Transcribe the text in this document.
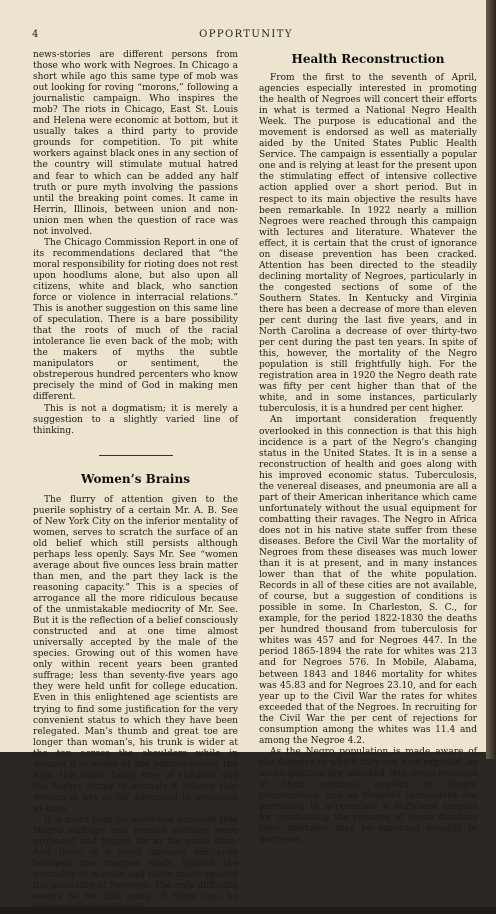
4	OPPORTUNITY

news-stories are different persons from those who work with Negroes. In Chicago a short while ago this same type of mob was out looking for roving “morons,” following a journalistic campaign. Who inspires the mob? The riots in Chicago, East St. Louis and Helena were economic at bottom, but it usually takes a third party to provide grounds for competition. To pit white workers against black ones in any section of the country will stimulate mutual hatred and fear to which can be added any half truth or pure myth involving the passions until the breaking point comes. It came in Herrin, Illinois, between union and non-union men when the question of race was not involved.

The Chicago Commission Report in one of its recommendations declared that “the moral responsibility for rioting does not rest upon hoodlums alone, but also upon all citizens, white and black, who sanction force or violence in interracial relations.” This is another suggestion on this same line of speculation. There is a bare possibility that the roots of much of the racial intolerance lie even back of the mob; with the makers of myths the subtle manipulators or sentiment, the obstreperous hundred percenters who know precisely the mind of God in making men different.

This is not a dogmatism; it is merely a suggestion to a slightly varied line of thinking.

Women’s Brains

The flurry of attention given to the puerile sophistry of a certain Mr. A. B. See of New York City on the inferior mentality of women, serves to scratch the surface of an old belief which still persists although perhaps less openly. Says Mr. See “women average about five ounces less brain matter than men, and the part they lack is the reasoning capacity.” This is a species of arrogance all the more ridiculous because of the unmistakable mediocrity of Mr. See. But it is the reflection of a belief consciously constructed and at one time almost universally accepted by the male of the species. Growing out of this women have only within recent years been granted suffrage; less than seventy-five years ago they were held unfit for college education. Even in this enlightened age scientists are trying to find some justification for the very convenient status to which they have been relegated. Man’s thumb and great toe are longer than woman’s, his trunk is wider at the top across the shoulders while in woman it is wider at the bottom across the hips: this latter being true of children and the higher forms of animals it follows that woman is not as far advanced in evolution as man.

It is more than an historical accident that Negro suffrage and woman suffrage were proposed and fought for at the same time. And there is a most uncanny similarity between the charges made against the mentality of women and those made against the mentality of Negroes. The only difficulty seems to be that none of them can be

Health Reconstruction

From the first to the seventh of April, agencies especially interested in promoting the health of Negroes will concert their efforts in what is termed a National Negro Health Week. The purpose is educational and the movement is endorsed as well as materially aided by the United States Public Health Service. The campaign is essentially a popular one and is relying at least for the present upon the stimulating effect of intensive collective action applied over a short period. But in respect to its main objective the results have been remarkable. In 1922 nearly a million Negroes were reached through this campaign with lectures and literature. Whatever the effect, it is certain that the crust of ignorance on disease prevention has been cracked. Attention has been directed to the steadily declining mortality of Negroes, particularly in the congested sections of some of the Southern States. In Kentucky and Virginia there has been a decrease of more than eleven per cent during the last five years, and in North Carolina a decrease of over thirty-two per cent during the past ten years. In spite of this, however, the mortality of the Negro population is still frightfully high. For the registration area in 1920 the Negro death rate was fifty per cent higher than that of the white, and in some instances, particularly tuberculosis, it is a hundred per cent higher.

An important consideration frequently overlooked in this connection is that this high incidence is a part of the Negro’s changing status in the United States. It is in a sense a reconstruction of health and goes along with his improved economic status. Tuberculosis, the venereal diseases, and pneumonia are all a part of their American inheritance which came unfortunately without the usual equipment for combatting their ravages. The Negro in Africa does not in his native state suffer from these diseases. Before the Civil War the mortality of Negroes from these diseases was much lower than it is at present, and in many instances lower than that of the white population. Records in all of these cities are not available, of course, but a suggestion of conditions is possible in some. In Charleston, S. C., for example, for the period 1822-1830 the deaths per hundred thousand from tuberculosis for whites was 457 and for Negroes 447. In the period 1865-1894 the rate for whites was 213 and for Negroes 576. In Mobile, Alabama, between 1843 and 1846 mortality for whites was 45.83 and for Negroes 23.10, and for each year up to the Civil War the rates for whites exceeded that of the Negroes. In recruiting for the Civil War the per cent of rejections for consumption among the whites was 11.4 and among the Negroe 4.2.

As the Negro population is made aware of the dangers to which they are now exposed, as municipalities are shocked into consciousness of their criminal neglect of Negro communities, and as Negroes themselves are permitted to accumulate a sufficient surplus for combatting the ravages of these diseases their mortality may be expected steadily to decrease.
